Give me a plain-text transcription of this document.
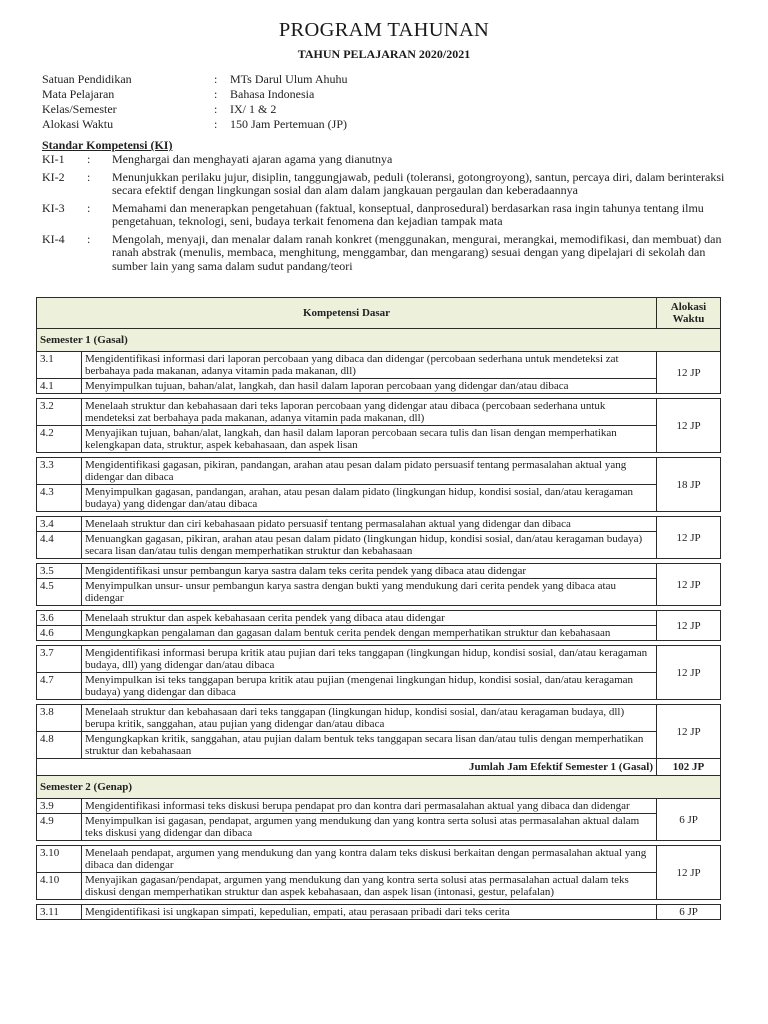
PROGRAM TAHUNAN
TAHUN PELAJARAN 2020/2021
Satuan Pendidikan	: MTs Darul Ulum Ahuhu
Mata Pelajaran	: Bahasa Indonesia
Kelas/Semester	: IX/ 1 & 2
Alokasi Waktu	: 150 Jam Pertemuan (JP)
Standar Kompetensi (KI)
KI-1 : Menghargai dan menghayati ajaran agama yang dianutnya
KI-2 : Menunjukkan perilaku jujur, disiplin, tanggungjawab, peduli (toleransi, gotongroyong), santun, percaya diri, dalam berinteraksi secara efektif dengan lingkungan sosial dan alam dalam jangkauan pergaulan dan keberadaannya
KI-3 : Memahami dan menerapkan pengetahuan (faktual, konseptual, danprosedural) berdasarkan rasa ingin tahunya tentang ilmu pengetahuan, teknologi, seni, budaya terkait fenomena dan kejadian tampak mata
KI-4 : Mengolah, menyaji, dan menalar dalam ranah konkret (menggunakan, mengurai, merangkai, memodifikasi, dan membuat) dan ranah abstrak (menulis, membaca, menghitung, menggambar, dan mengarang) sesuai dengan yang dipelajari di sekolah dan sumber lain yang sama dalam sudut pandang/teori
Kompetensi Dasar		Alokasi Waktu
Semester 1 (Gasal)		
3.1	Mengidentifikasi informasi dari laporan percobaan yang dibaca dan didengar (percobaan sederhana untuk mendeteksi zat berbahaya pada makanan, adanya vitamin pada makanan, dll)	12 JP
4.1	Menyimpulkan tujuan, bahan/alat, langkah, dan hasil dalam laporan percobaan yang didengar dan/atau dibaca	

3.2	Menelaah struktur dan kebahasaan dari teks laporan percobaan yang didengar atau dibaca (percobaan sederhana untuk mendeteksi zat berbahaya pada makanan, adanya vitamin pada makanan, dll)	12 JP
4.2	Menyajikan tujuan, bahan/alat, langkah, dan hasil dalam laporan percobaan secara tulis dan lisan dengan memperhatikan kelengkapan data, struktur, aspek kebahasaan, dan aspek lisan	

3.3	Mengidentifikasi gagasan, pikiran, pandangan, arahan atau pesan dalam pidato persuasif tentang permasalahan aktual yang didengar dan dibaca	18 JP
4.3	Menyimpulkan gagasan, pandangan, arahan, atau pesan dalam pidato (lingkungan hidup, kondisi sosial, dan/atau keragaman budaya) yang didengar dan/atau dibaca	

3.4	Menelaah struktur dan ciri kebahasaan pidato persuasif tentang permasalahan aktual yang didengar dan dibaca	12 JP
4.4	Menuangkan gagasan, pikiran, arahan atau pesan dalam pidato (lingkungan hidup, kondisi sosial, dan/atau keragaman budaya) secara lisan dan/atau tulis dengan memperhatikan struktur dan kebahasaan	

3.5	Mengidentifikasi unsur pembangun karya sastra dalam teks cerita pendek yang dibaca atau didengar	12 JP
4.5	Menyimpulkan unsur- unsur pembangun karya sastra dengan bukti yang mendukung dari cerita pendek yang dibaca atau didengar	

3.6	Menelaah struktur dan aspek kebahasaan cerita pendek yang dibaca atau didengar	12 JP
4.6	Mengungkapkan pengalaman dan gagasan dalam bentuk cerita pendek dengan memperhatikan struktur dan kebahasaan	

3.7	Mengidentifikasi informasi berupa kritik atau pujian dari teks tanggapan (lingkungan hidup, kondisi sosial, dan/atau keragaman budaya, dll) yang didengar dan/atau dibaca	12 JP
4.7	Menyimpulkan isi teks tanggapan berupa kritik atau pujian (mengenai lingkungan hidup, kondisi sosial, dan/atau keragaman budaya) yang didengar dan dibaca	

3.8	Menelaah struktur dan kebahasaan dari teks tanggapan (lingkungan hidup, kondisi sosial, dan/atau keragaman budaya, dll) berupa kritik, sanggahan, atau pujian yang didengar dan/atau dibaca	12 JP
4.8	Mengungkapkan kritik, sanggahan, atau pujian dalam bentuk teks tanggapan secara lisan dan/atau tulis dengan memperhatikan struktur dan kebahasaan	
Jumlah Jam Efektif Semester 1 (Gasal)		102 JP
Semester 2 (Genap)		
3.9	Mengidentifikasi informasi teks diskusi berupa pendapat pro dan kontra dari permasalahan aktual yang dibaca dan didengar	6 JP
4.9	Menyimpulkan isi gagasan, pendapat, argumen yang mendukung dan yang kontra serta solusi atas permasalahan aktual dalam teks diskusi yang didengar dan dibaca	

3.10	Menelaah pendapat, argumen yang mendukung dan yang kontra dalam teks diskusi berkaitan dengan permasalahan aktual yang dibaca dan didengar	12 JP
4.10	Menyajikan gagasan/pendapat, argumen yang mendukung dan yang kontra serta solusi atas permasalahan actual dalam teks diskusi dengan memperhatikan struktur dan aspek kebahasaan, dan aspek lisan (intonasi, gestur, pelafalan)	

3.11	Mengidentifikasi isi ungkapan simpati, kepedulian, empati, atau perasaan pribadi dari teks cerita	6 JP
